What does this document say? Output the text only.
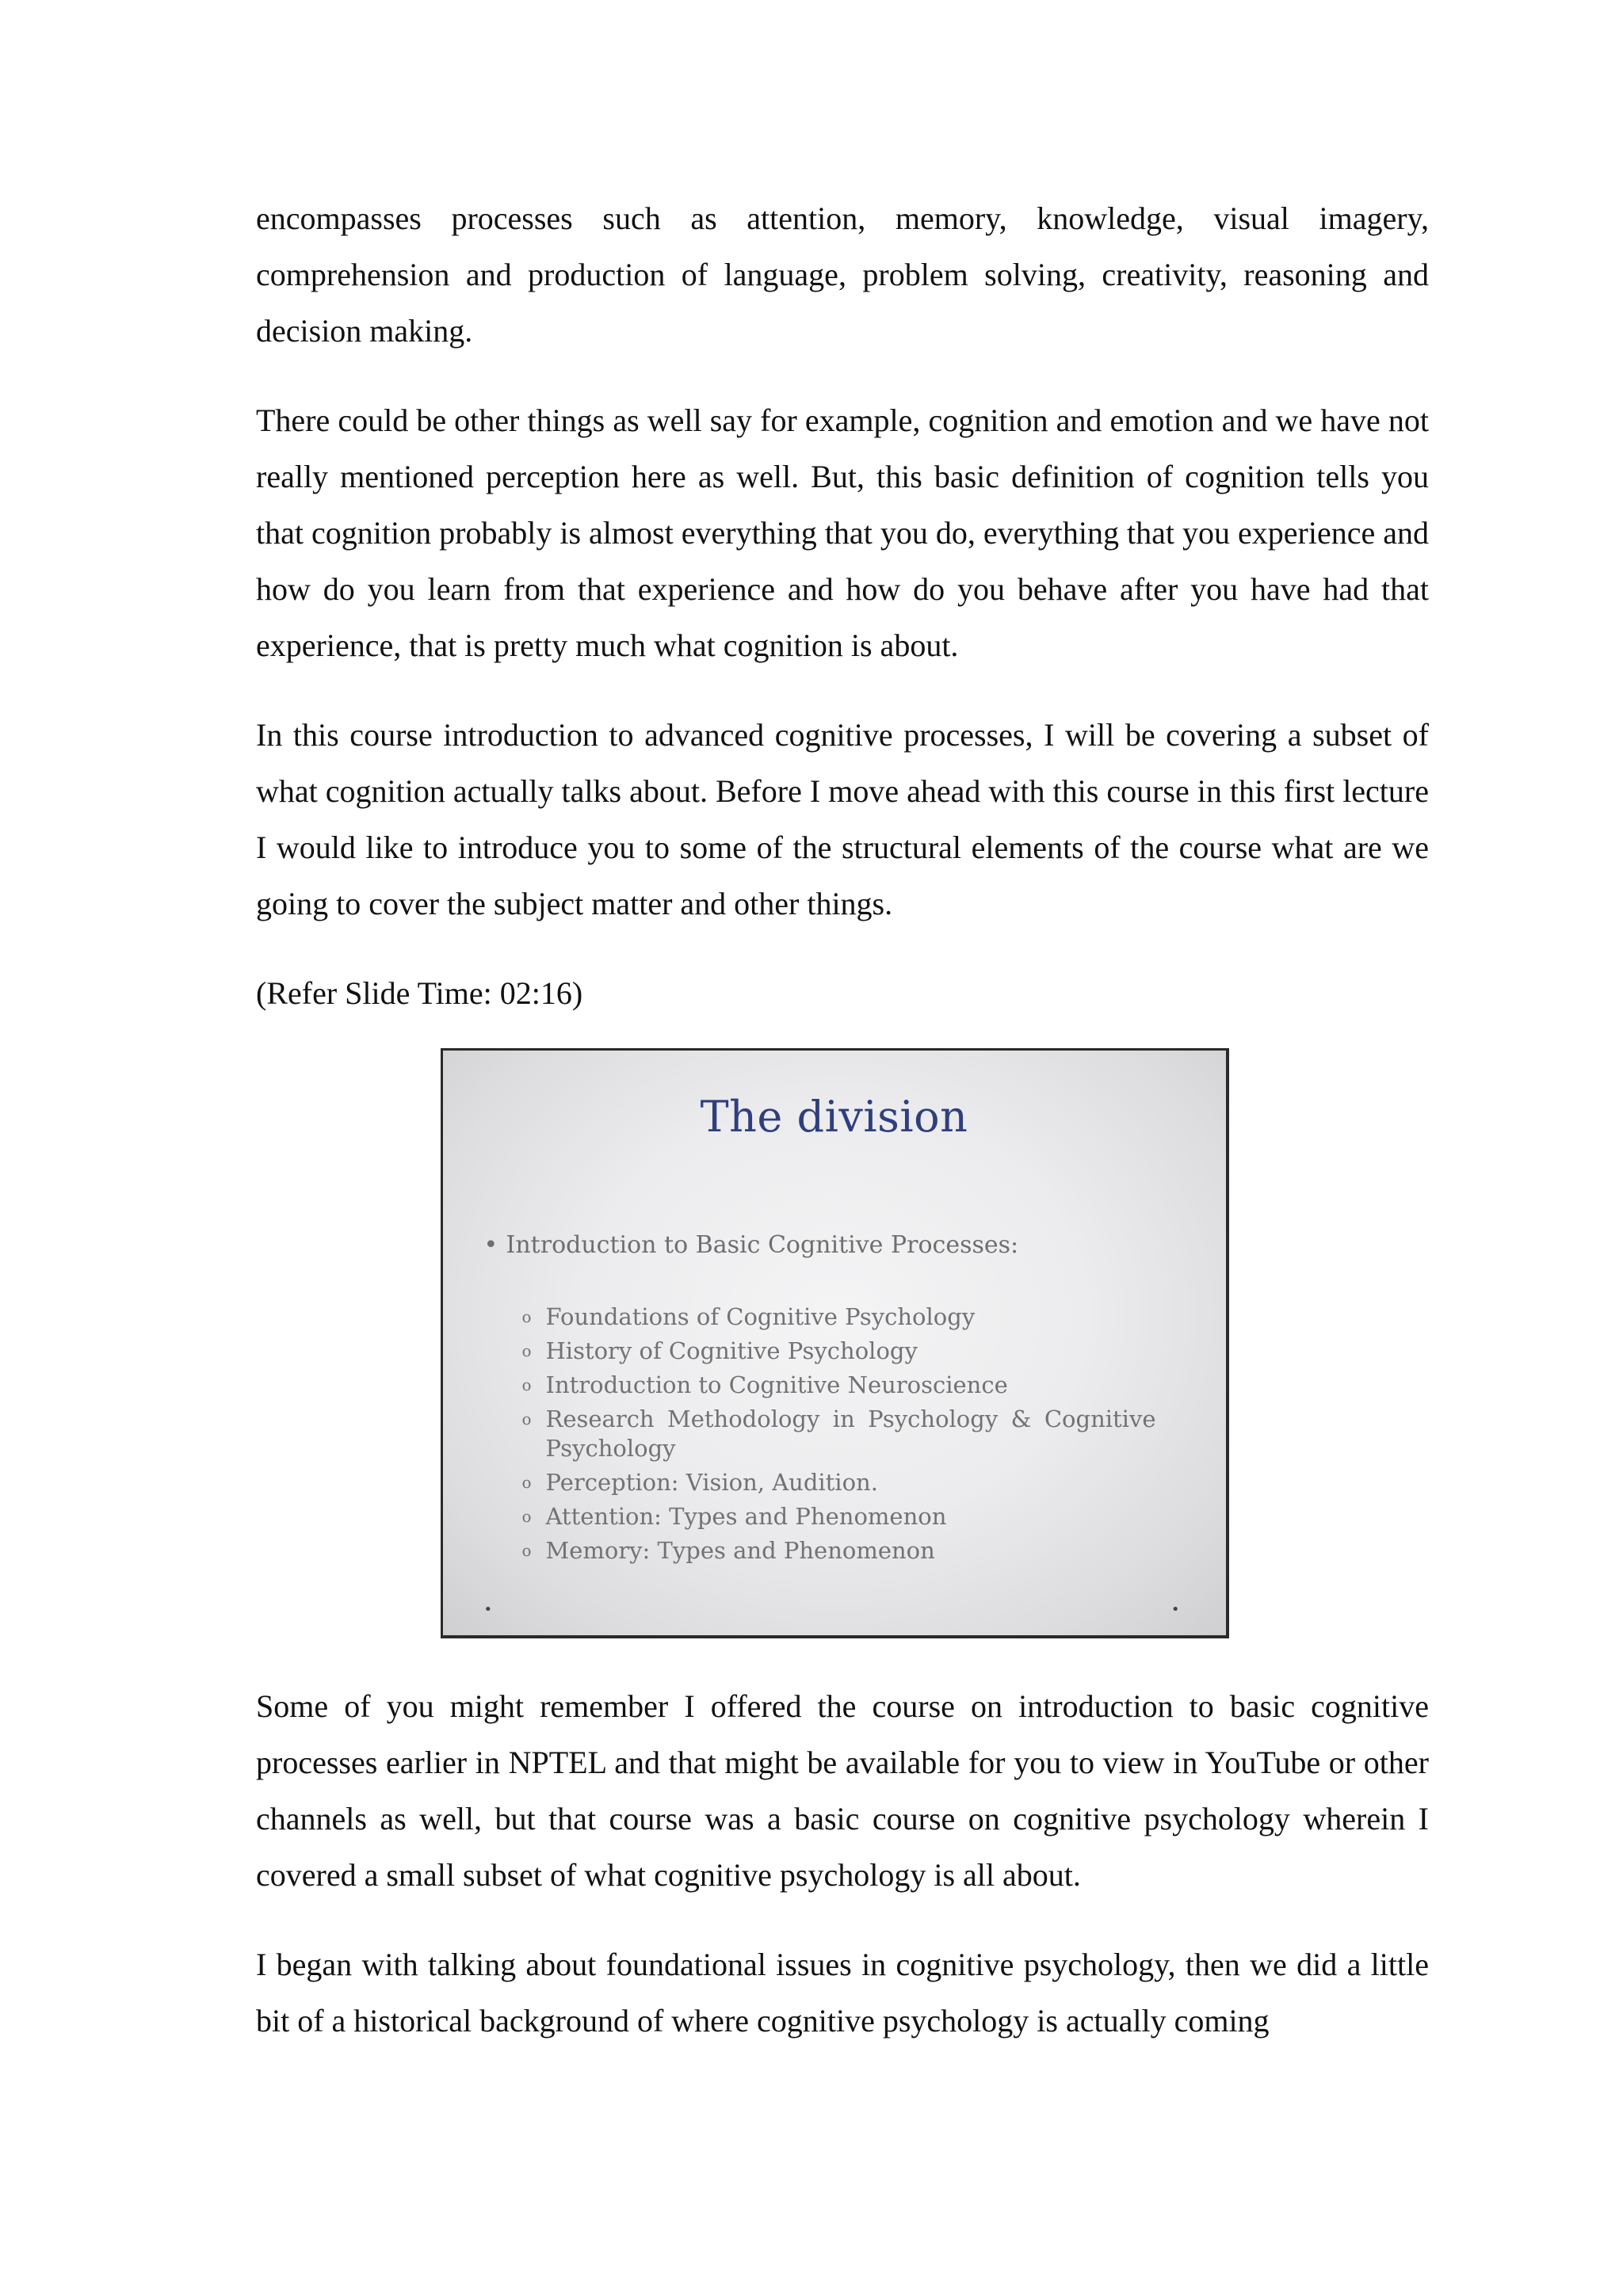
encompasses processes such as attention, memory, knowledge, visual imagery, comprehension and production of language, problem solving, creativity, reasoning and decision making.

There could be other things as well say for example, cognition and emotion and we have not really mentioned perception here as well. But, this basic definition of cognition tells you that cognition probably is almost everything that you do, everything that you experience and how do you learn from that experience and how do you behave after you have had that experience, that is pretty much what cognition is about.

In this course introduction to advanced cognitive processes, I will be covering a subset of what cognition actually talks about. Before I move ahead with this course in this first lecture I would like to introduce you to some of the structural elements of the course what are we going to cover the subject matter and other things.

(Refer Slide Time: 02:16)

The division
• Introduction to Basic Cognitive Processes:
o Foundations of Cognitive Psychology
o History of Cognitive Psychology
o Introduction to Cognitive Neuroscience
o Research Methodology in Psychology & Cognitive
Psychology
o Perception: Vision, Audition.
o Attention: Types and Phenomenon
o Memory: Types and Phenomenon
•	•

Some of you might remember I offered the course on introduction to basic cognitive processes earlier in NPTEL and that might be available for you to view in YouTube or other channels as well, but that course was a basic course on cognitive psychology wherein I covered a small subset of what cognitive psychology is all about.

I began with talking about foundational issues in cognitive psychology, then we did a little bit of a historical background of where cognitive psychology is actually coming
